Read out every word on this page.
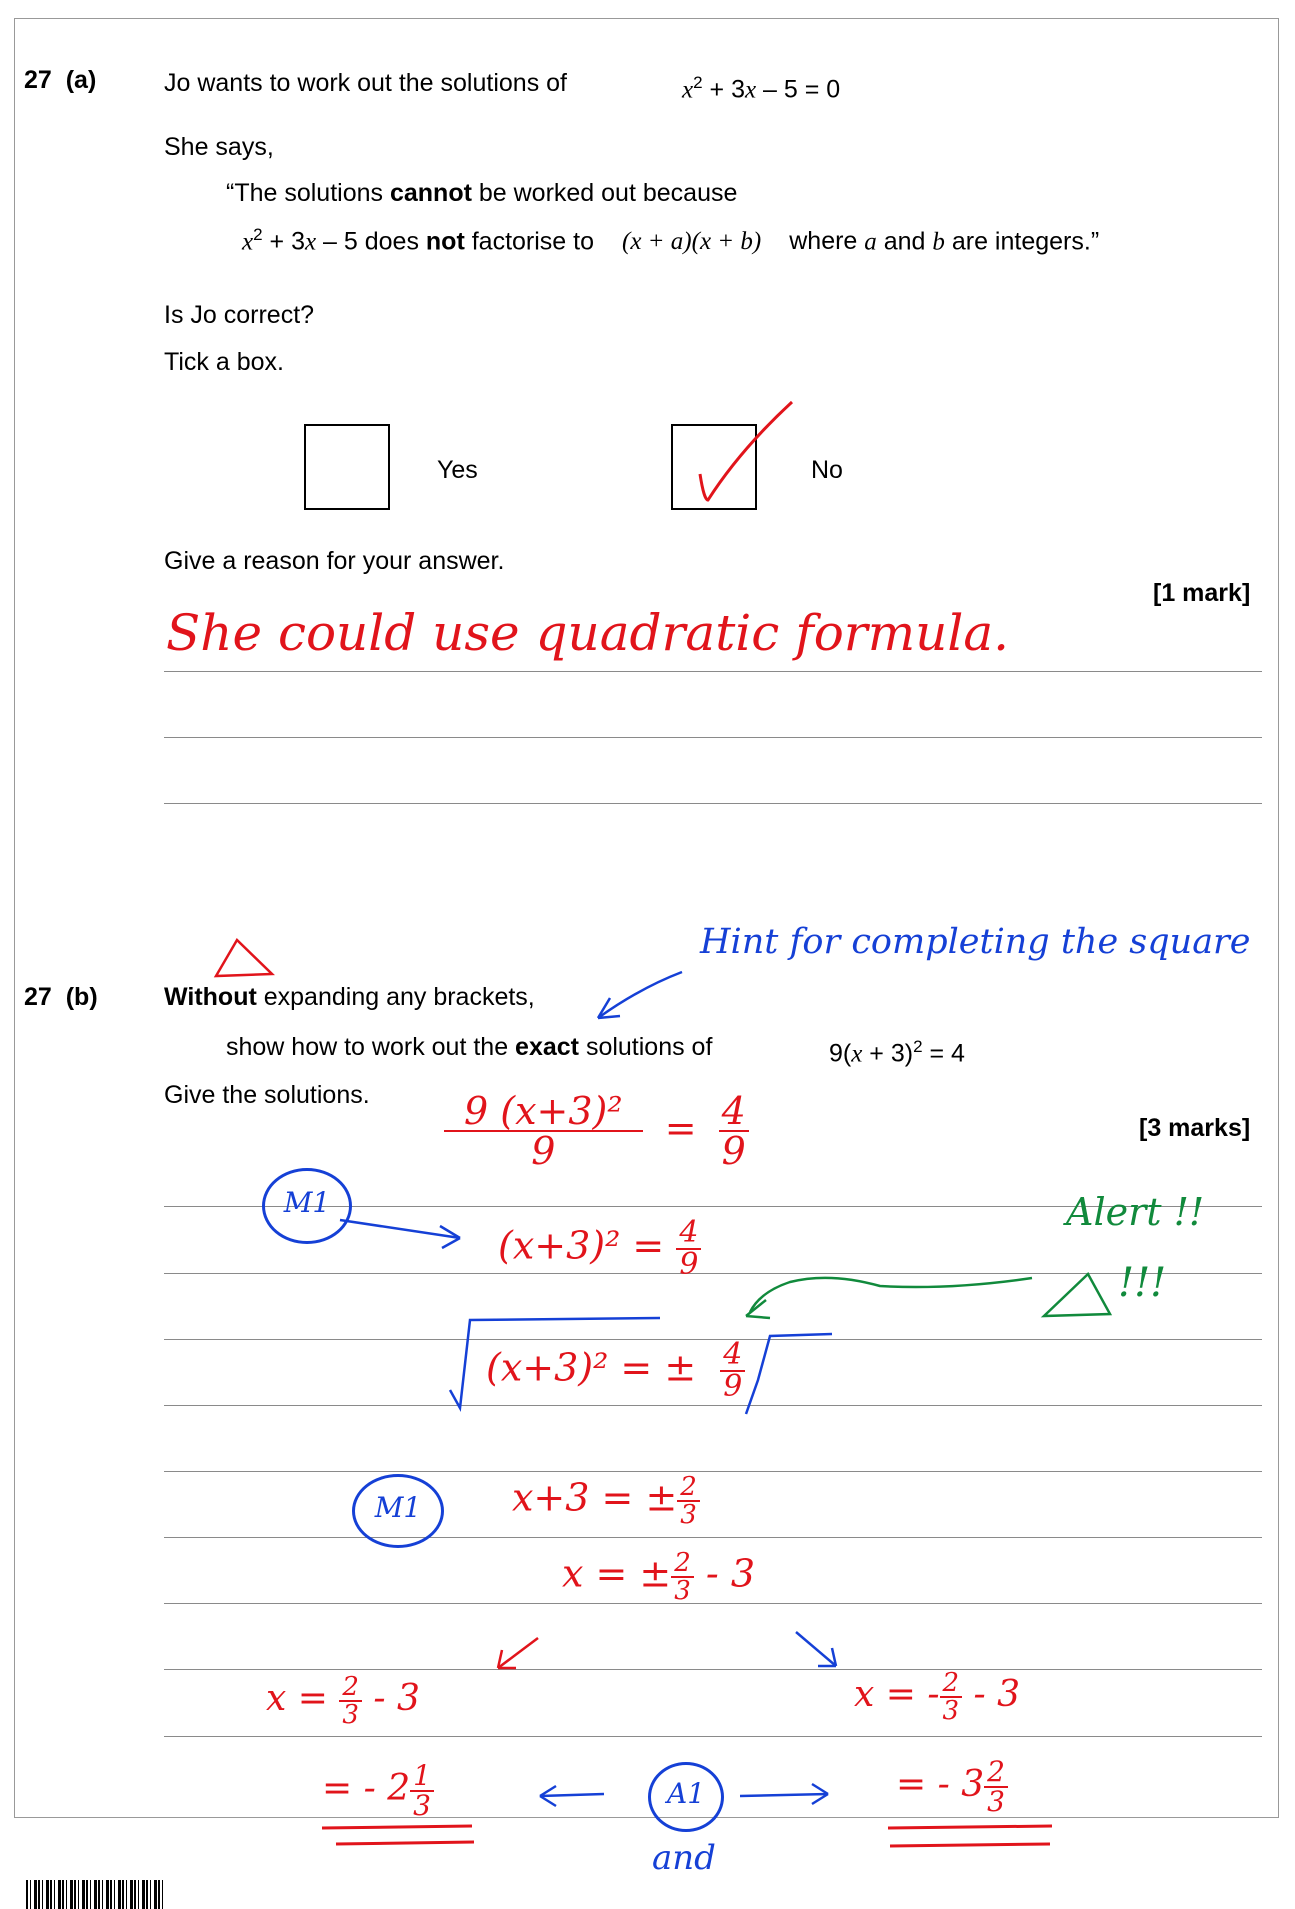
27 (a)	Jo wants to work out the solutions of	$x^2 + 3x - 5 = 0$
She says,
“The solutions cannot be worked out because
$x^2 + 3x - 5$ does not factorise to (x + a)(x + b) where a and b are integers.”
Is Jo correct?
Tick a box.
Yes	No
Give a reason for your answer.
[1 mark]
She could use quadratic formula.
27 (b)	Without expanding any brackets,
show how to work out the exact solutions of	$9(x + 3)^2 = 4$
Give the solutions.
[3 marks]
Hint for completing the square
Alert !!
!!!
M1
M1
A1
and
$\frac{\text{9 (x+3)²}}{9} = \frac{4}{9}$
$(x+3)^2 = \frac{4}{9}$
(x+3)² = ± $\frac{4}{9}$
x+3 = ± $\frac{2}{3}$
x = ± $\frac{2}{3} - 3$
$x = \frac{2}{3} - 3$
= - $2 \frac{1}{3}$
x = - $\frac{2}{3} - 3$
= - $3 \frac{2}{3}$
